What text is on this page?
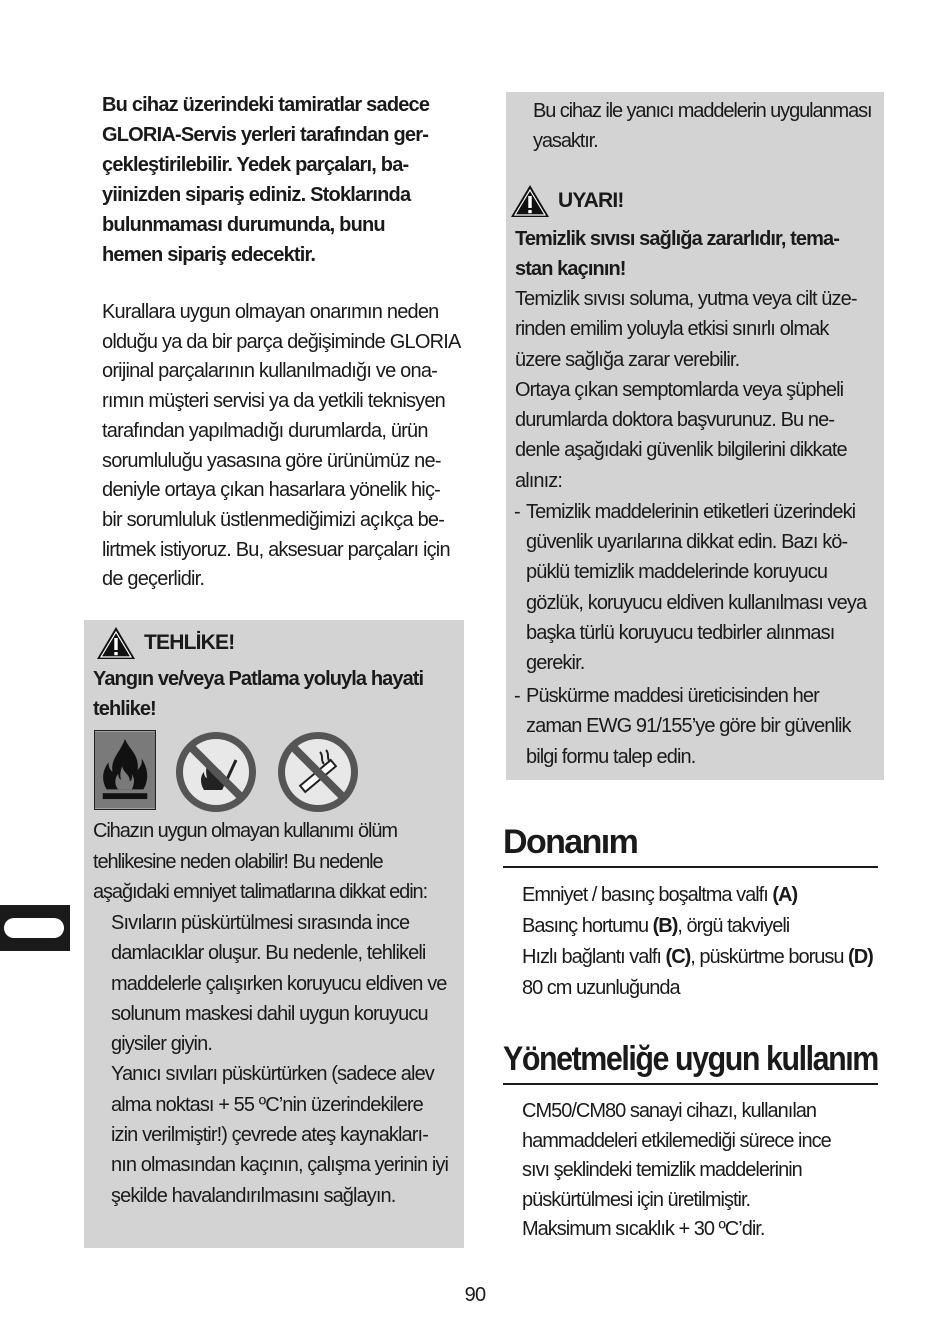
Bu cihaz üzerindeki tamiratlar sadece
GLORIA-Servis yerleri tarafından ger-
çekleştirilebilir. Yedek parçaları, ba-
yiinizden sipariş ediniz. Stoklarında
bulunmaması durumunda, bunu
hemen sipariş edecektir.
Kurallara uygun olmayan onarımın neden
olduğu ya da bir parça değişiminde GLORIA
orijinal parçalarının kullanılmadığı ve ona-
rımın müşteri servisi ya da yetkili teknisyen
tarafından yapılmadığı durumlarda, ürün
sorumluluğu yasasına göre ürünümüz ne-
deniyle ortaya çıkan hasarlara yönelik hiç-
bir sorumluluk üstlenmediğimizi açıkça be-
lirtmek istiyoruz. Bu, aksesuar parçaları için
de geçerlidir.
TEHLİKE!
Yangın ve/veya Patlama yoluyla hayati
tehlike!
Cihazın uygun olmayan kullanımı ölüm
tehlikesine neden olabilir! Bu nedenle
aşağıdaki emniyet talimatlarına dikkat edin:
Sıvıların püskürtülmesi sırasında ince
damlacıklar oluşur. Bu nedenle, tehlikeli
maddelerle çalışırken koruyucu eldiven ve
solunum maskesi dahil uygun koruyucu
giysiler giyin.
Yanıcı sıvıları püskürtürken (sadece alev
alma noktası + 55 ºC’nin üzerindekilere
izin verilmiştir!) çevrede ateş kaynakları-
nın olmasından kaçının, çalışma yerinin iyi
şekilde havalandırılmasını sağlayın.
Bu cihaz ile yanıcı maddelerin uygulanması
yasaktır.
UYARI!
Temizlik sıvısı sağlığa zararlıdır, tema-
stan kaçının!
Temizlik sıvısı soluma, yutma veya cilt üze-
rinden emilim yoluyla etkisi sınırlı olmak
üzere sağlığa zarar verebilir.
Ortaya çıkan semptomlarda veya şüpheli
durumlarda doktora başvurunuz. Bu ne-
denle aşağıdaki güvenlik bilgilerini dikkate
alınız:
- Temizlik maddelerinin etiketleri üzerindeki
güvenlik uyarılarına dikkat edin. Bazı kö-
püklü temizlik maddelerinde koruyucu
gözlük, koruyucu eldiven kullanılması veya
başka türlü koruyucu tedbirler alınması
gerekir.
- Püskürme maddesi üreticisinden her
zaman EWG 91/155’ye göre bir güvenlik
bilgi formu talep edin.
Donanım
Emniyet / basınç boşaltma valfı (A)
Basınç hortumu (B), örgü takviyeli
Hızlı bağlantı valfı (C), püskürtme borusu (D)
80 cm uzunluğunda
Yönetmeliğe uygun kullanım
CM50/CM80 sanayi cihazı, kullanılan
hammaddeleri etkilemediği sürece ince
sıvı şeklindeki temizlik maddelerinin
püskürtülmesi için üretilmiştir.
Maksimum sıcaklık + 30 ºC’dir.
90
